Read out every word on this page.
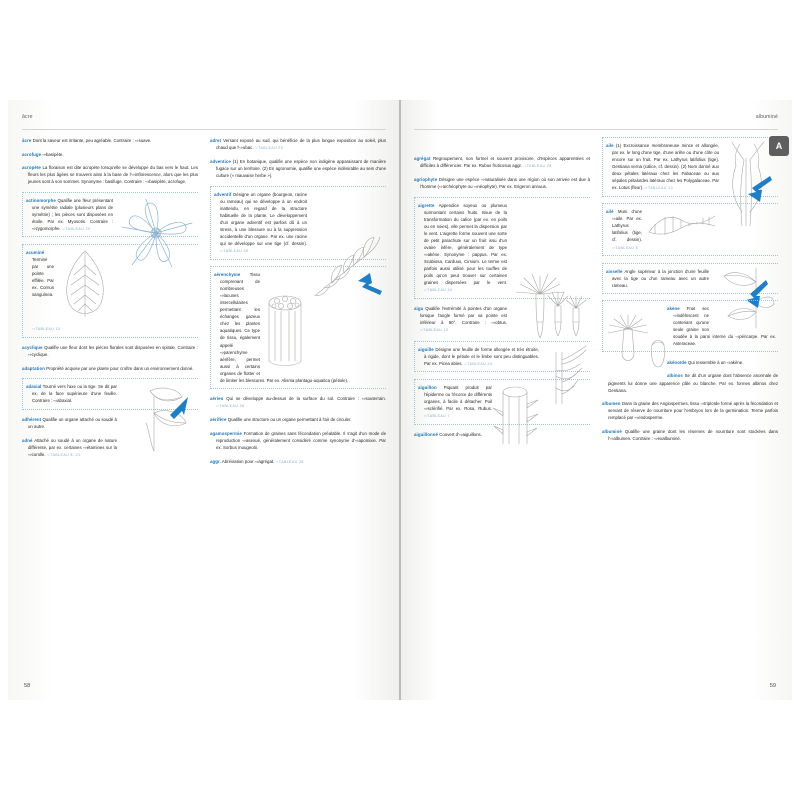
âcre
âcre Dont la saveur est irritante, peu agréable. Contraire : ⇨suave.
acrofuge ⇨basipète.
acropète La floraison est dite acropète lorsqu'elle se développe du bas vers le haut. Les fleurs les plus âgées se trouvent ainsi à la base de l'⇨inflorescence, alors que les plus jeunes sont à son sommet. Synonyme : basifuge. Contraire : ⇨basipète, acrofuge.
actinomorphe Qualifie une fleur présentant une symétrie radiale (plusieurs plans de symétrie) ; les pièces sont disposées en étoile. Par ex. Myosotis. Contraire : ⇨zygomorphe. ⇨TABLEAU 20
acuminé Terminé par une pointe effilée. Par ex. Cornus sanguinea. ⇨TABLEAU 13
acyclique Qualifie une fleur dont les pièces florales sont disposées en spirale. Contraire : ⇨cyclique.
adaptation Propriété acquise par une plante pour croître dans un environnement donné.
adaxial Tourné vers l'axe ou la tige. Se dit par ex. de la face supérieure d'une feuille. Contraire : ⇨abaxial.
adhérent Qualifie un organe attaché ou soudé à un autre.
adné Attaché ou soudé à un organe de nature différente, par ex. certaines ⇨étamines sur la ⇨corolle. ⇨TABLEAU 8, 21
adret Versant exposé au sud, qui bénéficie de la plus longue exposition au soleil, plus chaud que l'⇨ubac. ⇨TABLEAU 29
adventice (1) En botanique, qualifie une espèce non indigène apparaissant de manière fugace sur un territoire. (2) En agronomie, qualifie une espèce indésirable au sein d'une culture (« mauvaise herbe »).
adventif Désigne un organe (bourgeon, racine ou rameau) qui se développe à un endroit inattendu, en regard de la structure habituelle de la plante. Le développement d'un organe adventif est parfois dû à un stress, à une blessure ou à la suppression accidentelle d'un organe. Par ex. une racine qui se développe sur une tige (cf. dessin). ⇨TABLEAU 26
aérenchyme Tissu comprenant de nombreuses ⇨lacunes intercellulaires permettant les échanges gazeux chez les plantes aquatiques. Ce type de tissu, également appelé ⇨parenchyme aérifère, permet aussi à certains organes de flotter et de limiter les blessures. Par ex. Alisma plantago-aquatica (pétiole).
aérien Qui se développe au-dessus de la surface du sol. Contraire : ⇨souterrain. ⇨TABLEAU 26
aérifère Qualifie une structure ou un organe permettant à l'air de circuler.
agamospermie Formation de graines sans fécondation préalable. Il s'agit d'un mode de reproduction ⇨asexué, généralement considéré comme synonyme d'⇨apomixie. Par ex. Sorbus mougeotii.
aggr. Abréviation pour ⇨agrégat. ⇨TABLEAU 28
58
A
albuminé
agrégat Regroupement, non formel et souvent provisoire, d'espèces apparentées et difficiles à différencier. Par ex. Rubus fruticosus aggr. ⇨TABLEAU 28
agriophyte Désigne une espèce ⇨naturalisée dans une région où son arrivée est due à l'homme (⇨archéophyte ou ⇨néophyte). Par ex. Erigeron annuus.
aigrette Appendice soyeux ou plumeux surmontant certains fruits. Issue de la transformation du calice (par ex. en poils ou en soies), elle permet la dispersion par le vent. L'aigrette forme souvent une sorte de petit parachute sur un fruit issu d'un ovaire infère, généralement de type ⇨akène. Synonyme : pappus. Par ex. Scabiosa, Carduus, Cirsium. Le terme est parfois aussi utilisé pour les touffes de poils qu'on peut trouver sur certaines graines dispersées par le vent. ⇨TABLEAU 24
aigu Qualifie l'extrémité à pointes d'un organe lorsque l'angle formé par sa pointe est inférieur à 90°. Contraire : ⇨obtus. ⇨TABLEAU 13
aiguille Désigne une feuille de forme allongée et très étroite, à rigide, dont le pétiole et le limbe sont peu distinguables. Par ex. Picea abies. ⇨TABLEAU 24
aiguillon Piquant produit par l'épiderme ou l'écorce de différents organes, à facile à détacher. Poil ⇨sclérifié. Par ex. Rosa, Rubus. ⇨TABLEAU 7
aiguillonné Couvert d'⇨aiguillons.
aile (1) Excroissance membraneuse mince et allongée, par ex. le long d'une tige, d'une arête ou d'une côte ou encore sur un fruit. Par ex. Lathyrus latifolius (tige), Gentiana verna (calice, cf. dessin). (2) Nom donné aux deux pétales latéraux chez les Fabaceae ou aux sépales pétaloïdes latéraux chez les Polygalaceae. Par ex. Lotus (fleur). ⇨TABLEAU 10
ailé Muni d'une ⇨aile. Par ex. Lathyrus latifolius (tige, cf. dessin). ⇨TABLEAU 8
aisselle Angle supérieur à la jonction d'une feuille avec la tige ou d'un rameau avec un autre rameau.
akène Fruit sec ⇨indéhiscent ne contenant qu'une seule graine non soudée à la paroi interne du ⇨péricarpe. Par ex. Asteraceae.
akénoïde Qui ressemble à un ⇨akène.
albinos Se dit d'un organe dont l'absence anormale de pigments lui donne une apparence pâle ou blanche. Par ex. formes albinos chez Gentiana.
albumen Dans la graine des Angiospermes, tissu ⇨triploïde formé après la fécondation et servant de réserve de nourriture pour l'embryon lors de la germination. Terme parfois remplacé par ⇨endosperme.
albuminé Qualifie une graine dont les réserves de nourriture sont stockées dans l'⇨albumen. Contraire : ⇨exalbuminé.
59
